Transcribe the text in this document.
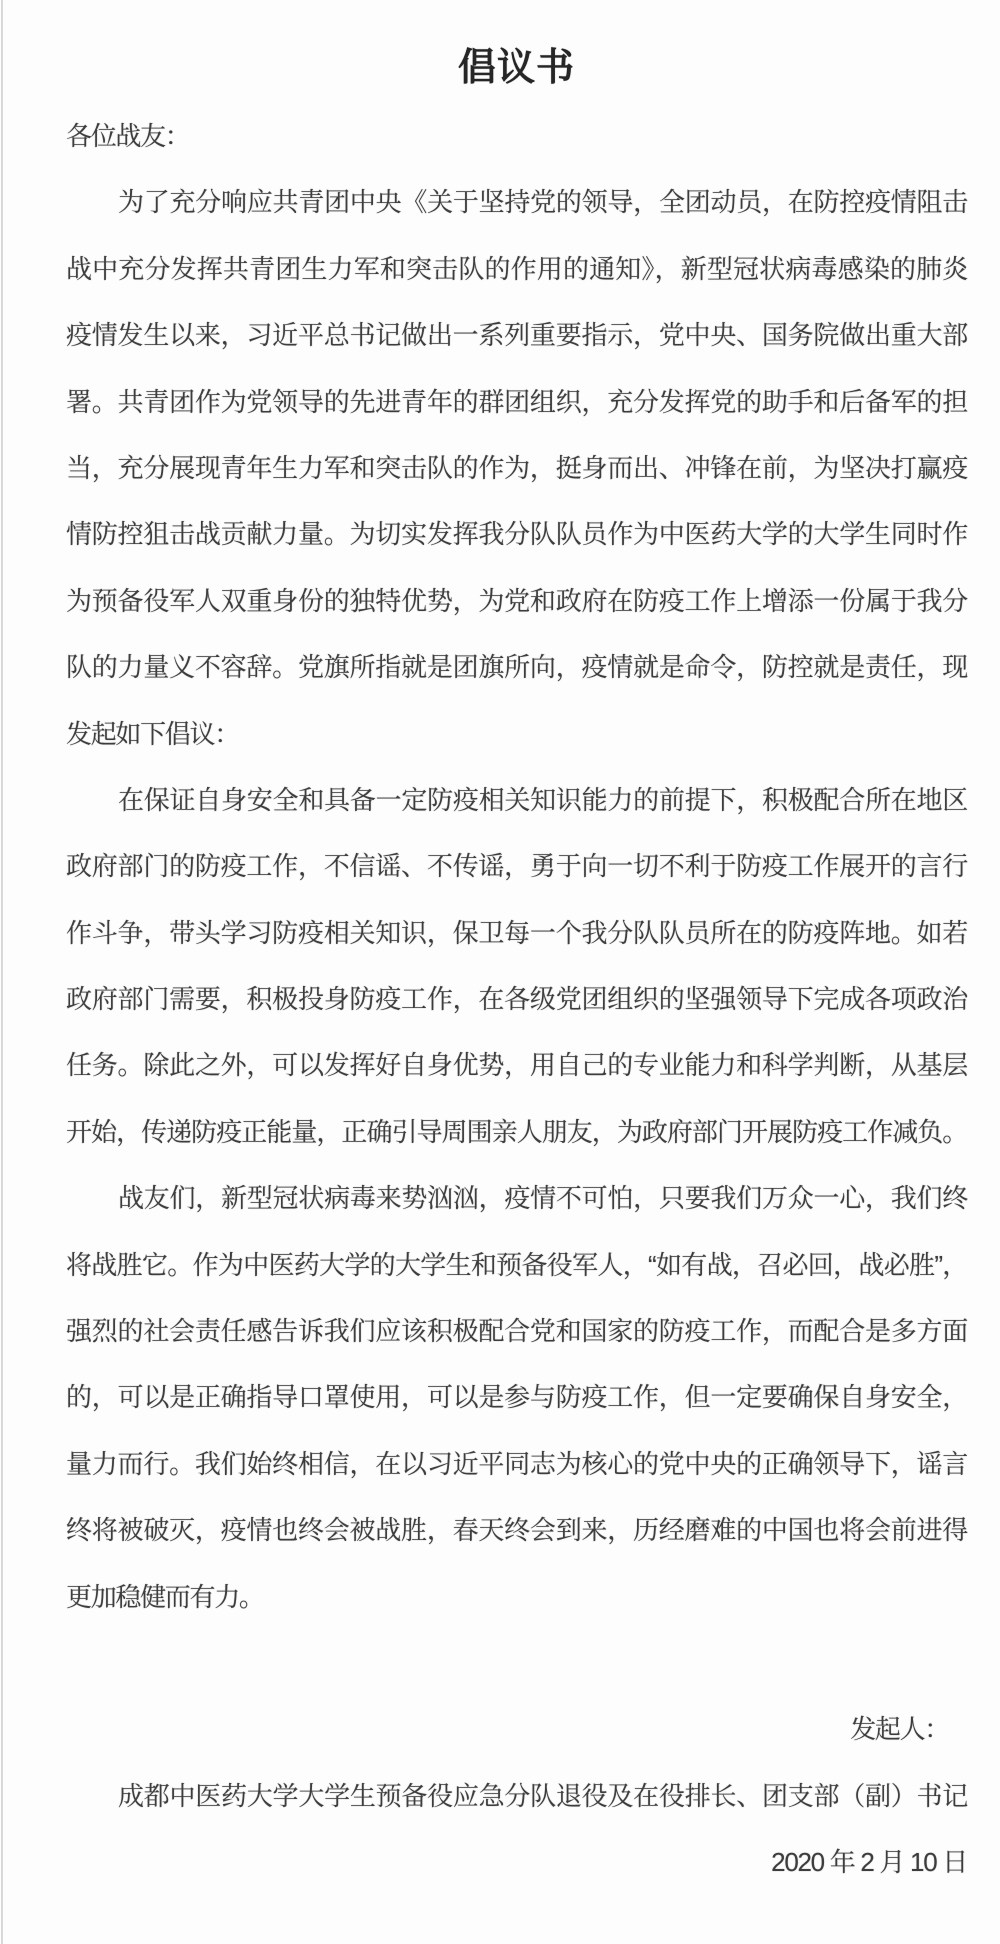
倡议书
各位战友：
为了充分响应共青团中央《关于坚持党的领导，全团动员，在防控疫情阻击
战中充分发挥共青团生力军和突击队的作用的通知》，新型冠状病毒感染的肺炎
疫情发生以来，习近平总书记做出一系列重要指示，党中央、国务院做出重大部
署。共青团作为党领导的先进青年的群团组织，充分发挥党的助手和后备军的担
当，充分展现青年生力军和突击队的作为，挺身而出、冲锋在前，为坚决打赢疫
情防控狙击战贡献力量。为切实发挥我分队队员作为中医药大学的大学生同时作
为预备役军人双重身份的独特优势，为党和政府在防疫工作上增添一份属于我分
队的力量义不容辞。党旗所指就是团旗所向，疫情就是命令，防控就是责任，现
发起如下倡议：
在保证自身安全和具备一定防疫相关知识能力的前提下，积极配合所在地区
政府部门的防疫工作，不信谣、不传谣，勇于向一切不利于防疫工作展开的言行
作斗争，带头学习防疫相关知识，保卫每一个我分队队员所在的防疫阵地。如若
政府部门需要，积极投身防疫工作，在各级党团组织的坚强领导下完成各项政治
任务。除此之外，可以发挥好自身优势，用自己的专业能力和科学判断，从基层
开始，传递防疫正能量，正确引导周围亲人朋友，为政府部门开展防疫工作减负。
战友们，新型冠状病毒来势汹汹，疫情不可怕，只要我们万众一心，我们终
将战胜它。作为中医药大学的大学生和预备役军人，“如有战，召必回，战必胜”，
强烈的社会责任感告诉我们应该积极配合党和国家的防疫工作，而配合是多方面
的，可以是正确指导口罩使用，可以是参与防疫工作，但一定要确保自身安全，
量力而行。我们始终相信，在以习近平同志为核心的党中央的正确领导下，谣言
终将被破灭，疫情也终会被战胜，春天终会到来，历经磨难的中国也将会前进得
更加稳健而有力。
发起人：
成都中医药大学大学生预备役应急分队退役及在役排长、团支部（副）书记
2020 年 2 月 10 日
